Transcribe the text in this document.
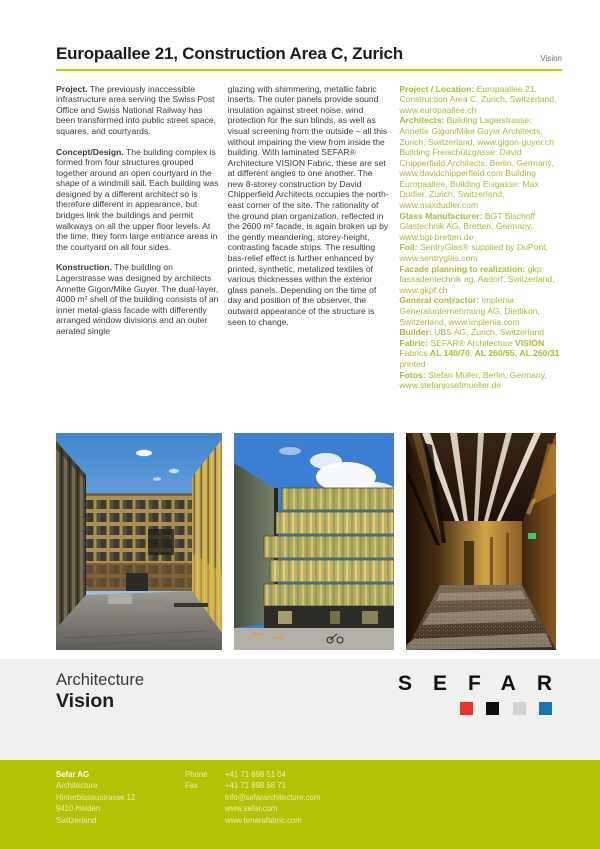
Europaallee 21, Construction Area C, Zurich	Vision

Project. The previously inaccessible infrastructure area serving the Swiss Post Office and Swiss National Railway has been transformed into public street space, squares, and courtyards.

Concept/Design. The building complex is formed from four structures grouped together around an open courtyard in the shape of a windmill sail. Each building was designed by a different architect so is therefore different in appearance, but bridges link the buildings and permit walkways on all the upper floor levels. At the time, they form large entrance areas in the courtyard on all four sides.

Konstruction. The building on Lagerstrasse was designed by architects Annette Gigon/Mike Guyer. The dual-layer, 4000 m² shell of the building consists of an inner metal-glass facade with differently arranged window divisions and an outer aerated single

glazing with shimmering, metallic fabric inserts. The outer panels provide sound insulation against street noise, wind protection for the sun blinds, as well as visual screening from the outside – all this without impairing the view from inside the building. With laminated SEFAR® Architecture VISION Fabric, these are set at different angles to one another. The new 8-storey construction by David Chipperfield Architects occupies the north-east corner of the site. The rationality of the ground plan organization, reflected in the 2600 m² facade, is again broken up by the gently meandering, storey-height, contrasting facade strips. The resulting bas-relief effect is further enhanced by printed, synthetic, metalized textiles of various thicknesses within the exterior glass panels. Depending on the time of day and position of the observer, the outward appearance of the structure is seen to change.

Project / Location: Europaallee 21, Construction Area C, Zurich, Switzerland, www.europaallee.ch
Architects: Building Lagerstrasse: Annette Gigon/Mike Guyer Architects, Zurich, Switzerland, www.gigon-guyer.ch Building Freischützgasse: David Chipperfield Architects, Berlin, Germany, www.davidchipperfield.com Building Europaallee, Building Eisgasse: Max Dudler, Zurich, Switzerland, www.maxdudler.com
Glass Manufacturer: BGT Bischoff Glastechnik AG, Bretten, Germany, www.bgt-bretten.de
Foil: SentryGlas® supplied by DuPont, www.sentryglas.com
Facade planning to realization: gkp fassadentechnik ag, Aadorf, Switzerland, www.gkpf.ch
General contractor: Implenia Generalunternehmung AG, Dietlikon, Switzerland, www.implenia.com
Builder: UBS AG, Zurich, Switzerland
Fabric: SEFAR® Architecture VISION Fabrics AL 140/70, AL 260/55, AL 260/31 printed
Fotos: Stefan Müller, Berlin, Germany, www.stefanjosefmueller.de
Architecture
Vision
SEFAR
Sefar AG
Architecture
Hinterbissaustrasse 12
9410 Heiden
Switzerland
Phone	+41 71 898 51 04
Fax	+41 71 898 58 71
info@sefararchitecture.com
www.sefar.com
www.tenarafabric.com
